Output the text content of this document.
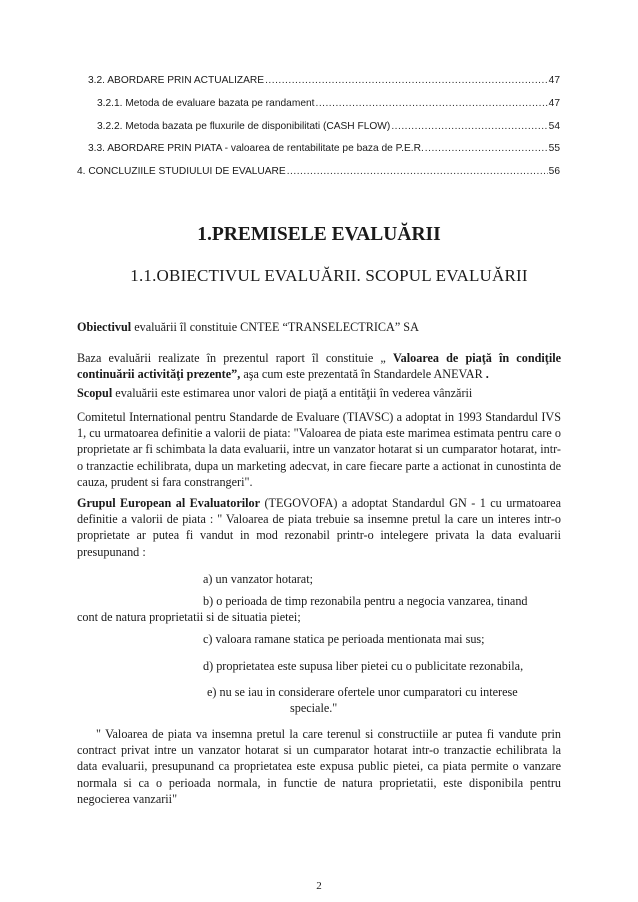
3.2. ABORDARE PRIN ACTUALIZARE .....	47
3.2.1. Metoda de evaluare bazata pe randament .....	47
3.2.2. Metoda bazata pe fluxurile de disponibilitati (CASH FLOW) .....	54
3.3. ABORDARE PRIN PIATA - valoarea de rentabilitate pe baza de P.E.R. .....	55
4. CONCLUZIILE STUDIULUI DE EVALUARE .....	56
1.PREMISELE EVALUĂRII
1.1.OBIECTIVUL EVALUĂRII. SCOPUL EVALUĂRII
Obiectivul evaluării îl constituie CNTEE “TRANSELECTRICA” SA
Baza evaluării realizate în prezentul raport îl constituie „ Valoarea de piaţă în condiţile continuării activităţi prezente”, aşa cum este prezentată în Standardele ANEVAR .
Scopul evaluării este estimarea unor valori de piaţă a entităţii în vederea vânzării
Comitetul International pentru Standarde de Evaluare (TIAVSC) a adoptat in 1993 Standardul IVS 1, cu urmatoarea definitie a valorii de piata: "Valoarea de piata este marimea estimata pentru care o proprietate ar fi schimbata la data evaluarii, intre un vanzator hotarat si un cumparator hotarat, intr-o tranzactie echilibrata, dupa un marketing adecvat, in care fiecare parte a actionat in cunostinta de cauza, prudent si fara constrangeri".
Grupul European al Evaluatorilor (TEGOVOFA) a adoptat Standardul GN - 1 cu urmatoarea definitie a valorii de piata : " Valoarea de piata trebuie sa insemne pretul la care un interes intr-o proprietate ar putea fi vandut in mod rezonabil printr-o intelegere privata la data evaluarii presupunand :
a) un vanzator hotarat;
b) o perioada de timp rezonabila pentru a negocia vanzarea, tinand
cont de natura proprietatii si de situatia pietei;
c) valoara ramane statica pe perioada mentionata mai sus;
d) proprietatea este supusa liber pietei cu o publicitate rezonabila,
e) nu se iau in considerare ofertele unor cumparatori cu interese
speciale."
" Valoarea de piata va insemna pretul la care terenul si constructiile ar putea fi vandute prin contract privat intre un vanzator hotarat si un cumparator hotarat intr-o tranzactie echilibrata la data evaluarii, presupunand ca proprietatea este expusa public pietei, ca piata permite o vanzare normala si ca o perioada normala, in functie de natura proprietatii, este disponibila pentru negocierea vanzarii"
2
